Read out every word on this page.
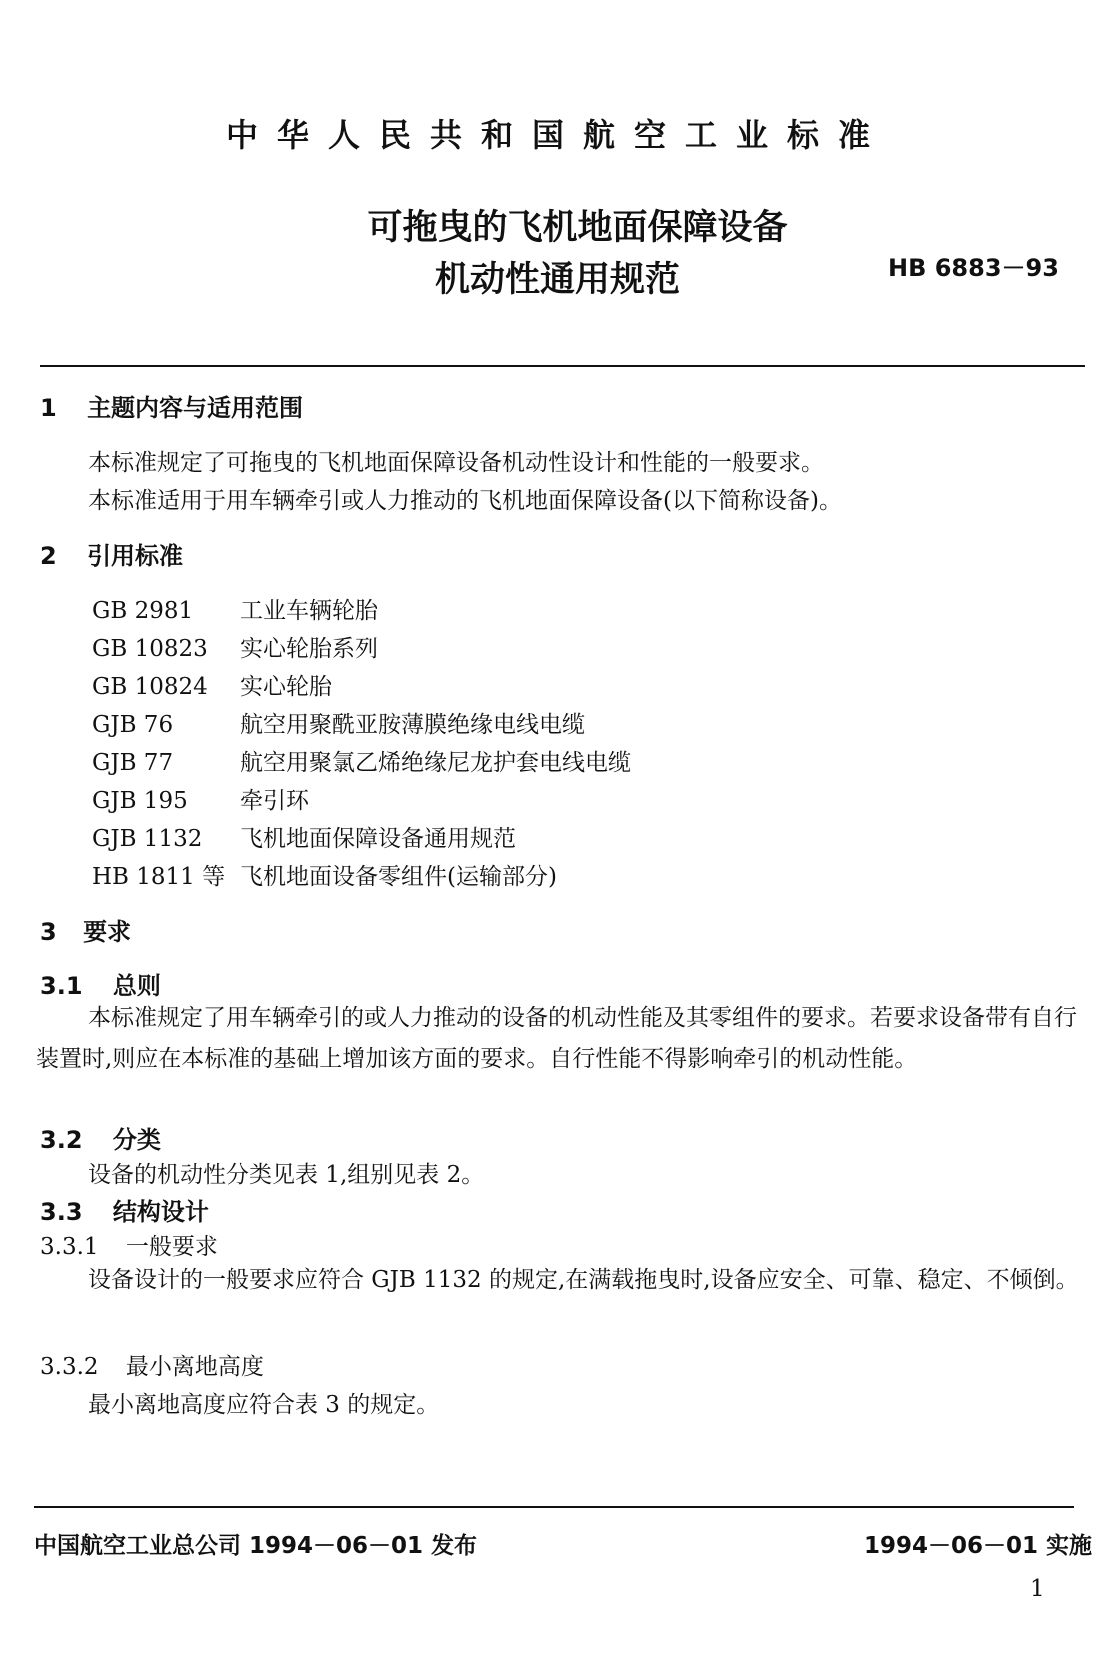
中华人民共和国航空工业标准
可拖曳的飞机地面保障设备
机动性通用规范	HB 6883－93
1 主题内容与适用范围
本标准规定了可拖曳的飞机地面保障设备机动性设计和性能的一般要求。
本标准适用于用车辆牵引或人力推动的飞机地面保障设备(以下简称设备)。
2 引用标准
GB 2981 工业车辆轮胎
GB 10823 实心轮胎系列
GB 10824 实心轮胎
GJB 76	航空用聚酰亚胺薄膜绝缘电线电缆
GJB 77	航空用聚氯乙烯绝缘尼龙护套电线电缆
GJB 195 牵引环
GJB 1132 飞机地面保障设备通用规范
HB 1811 等 飞机地面设备零组件(运输部分)
3 要求
3.1 总则
本标准规定了用车辆牵引的或人力推动的设备的机动性能及其零组件的要求。若要求设备带有自行装置时,则应在本标准的基础上增加该方面的要求。自行性能不得影响牵引的机动性能。
3.2 分类
设备的机动性分类见表 1,组别见表 2。
3.3 结构设计
3.3.1 一般要求
设备设计的一般要求应符合 GJB 1132 的规定,在满载拖曳时,设备应安全、可靠、稳定、不倾倒。
3.3.2 最小离地高度
最小离地高度应符合表 3 的规定。
中国航空工业总公司 1994－06－01 发布	1994－06－01 实施
1
